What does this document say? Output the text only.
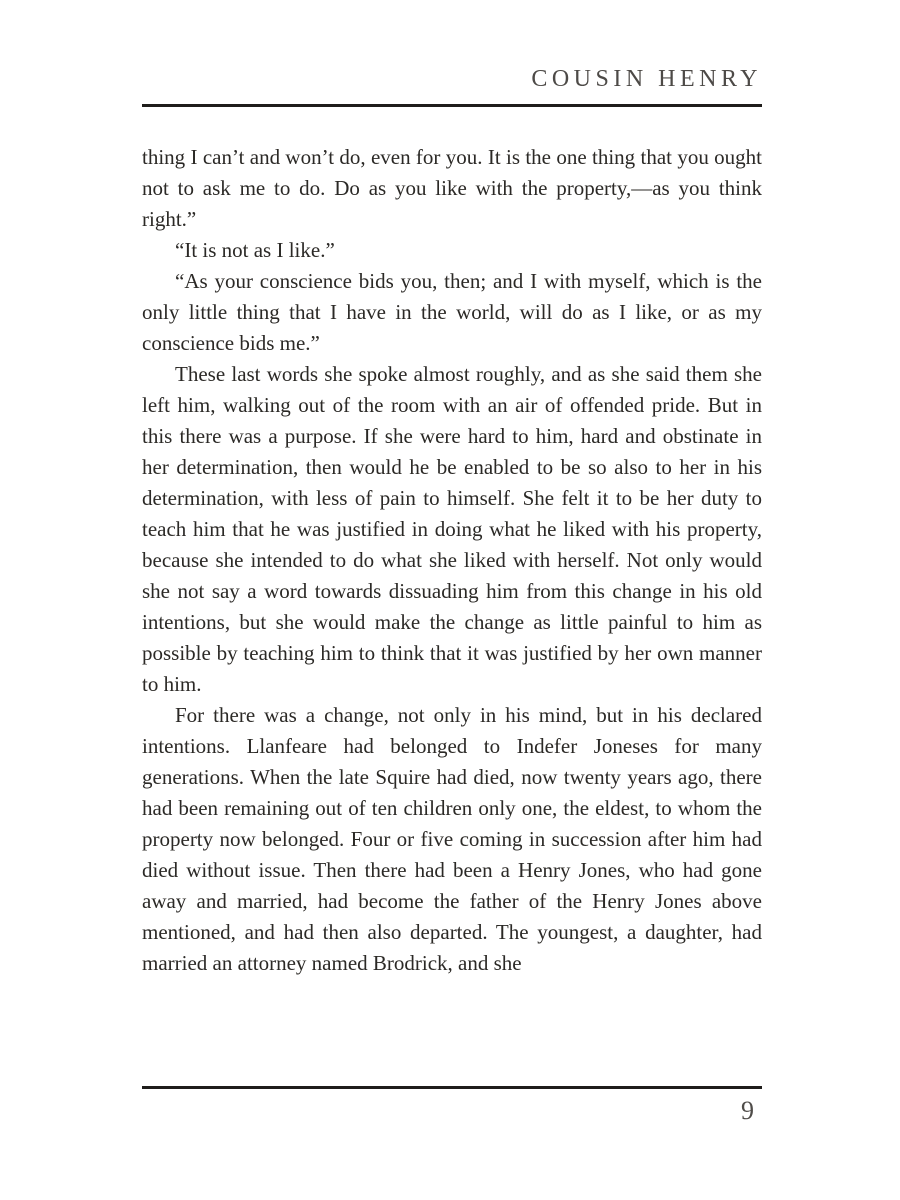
COUSIN HENRY

thing I can’t and won’t do, even for you. It is the one thing that you ought not to ask me to do. Do as you like with the property,—as you think right.”

“It is not as I like.”

“As your conscience bids you, then; and I with myself, which is the only little thing that I have in the world, will do as I like, or as my conscience bids me.”

These last words she spoke almost roughly, and as she said them she left him, walking out of the room with an air of offended pride. But in this there was a purpose. If she were hard to him, hard and obstinate in her determination, then would he be enabled to be so also to her in his determination, with less of pain to himself. She felt it to be her duty to teach him that he was justified in doing what he liked with his property, because she intended to do what she liked with herself. Not only would she not say a word towards dissuading him from this change in his old intentions, but she would make the change as little painful to him as possible by teaching him to think that it was justified by her own manner to him.

For there was a change, not only in his mind, but in his declared intentions. Llanfeare had belonged to Indefer Joneses for many generations. When the late Squire had died, now twenty years ago, there had been remaining out of ten children only one, the eldest, to whom the property now belonged. Four or five coming in succession after him had died without issue. Then there had been a Henry Jones, who had gone away and married, had become the father of the Henry Jones above mentioned, and had then also departed. The youngest, a daughter, had married an attorney named Brodrick, and she

9
